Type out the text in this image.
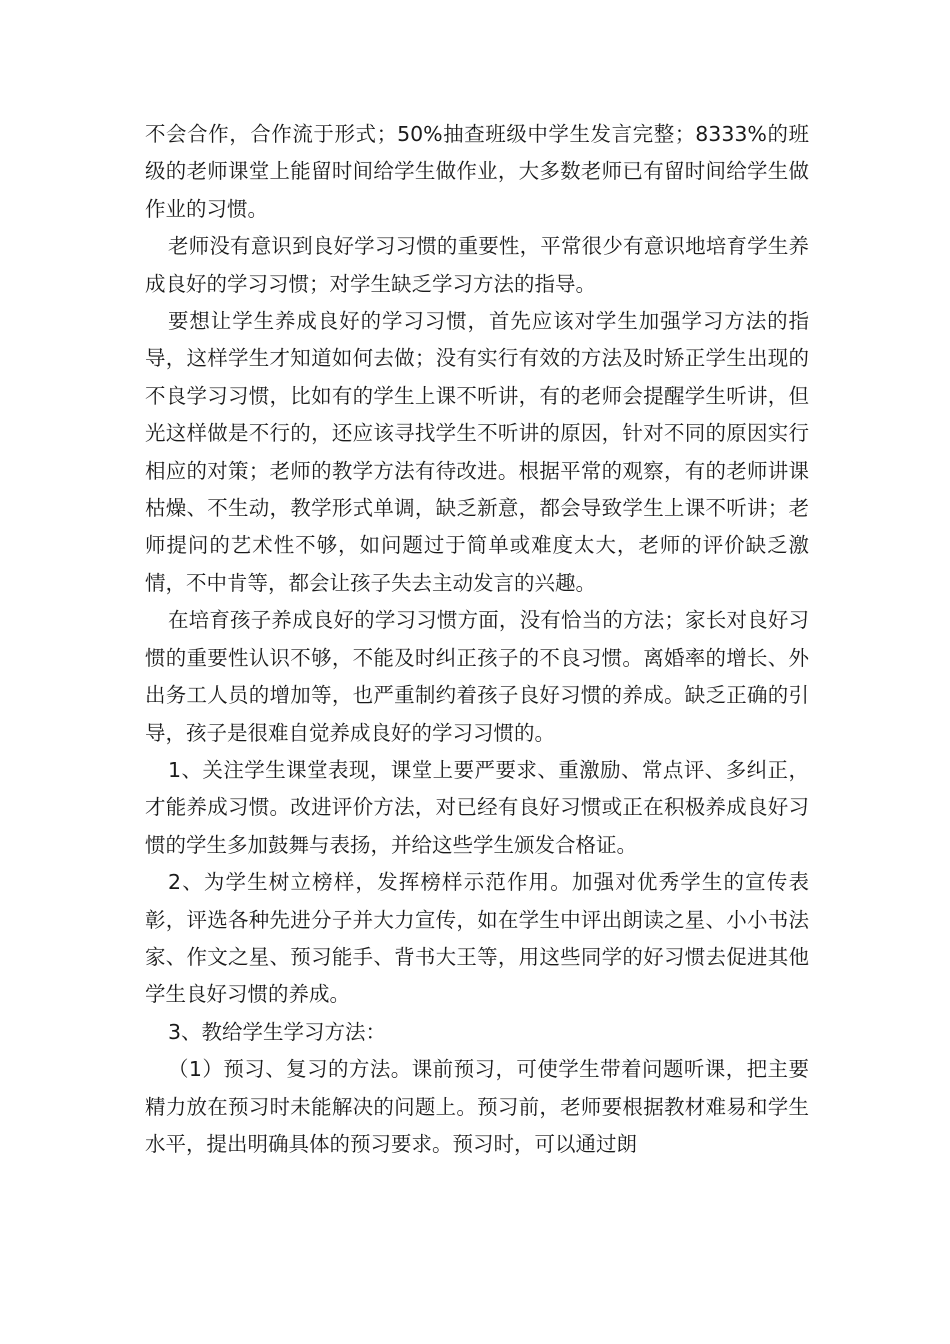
不会合作，合作流于形式；50%抽查班级中学生发言完整；8333%的班级的老师课堂上能留时间给学生做作业，大多数老师已有留时间给学生做作业的习惯。

老师没有意识到良好学习习惯的重要性，平常很少有意识地培育学生养成良好的学习习惯；对学生缺乏学习方法的指导。

要想让学生养成良好的学习习惯，首先应该对学生加强学习方法的指导，这样学生才知道如何去做；没有实行有效的方法及时矫正学生出现的不良学习习惯，比如有的学生上课不听讲，有的老师会提醒学生听讲，但光这样做是不行的，还应该寻找学生不听讲的原因，针对不同的原因实行相应的对策；老师的教学方法有待改进。根据平常的观察，有的老师讲课枯燥、不生动，教学形式单调，缺乏新意，都会导致学生上课不听讲；老师提问的艺术性不够，如问题过于简单或难度太大，老师的评价缺乏激情，不中肯等，都会让孩子失去主动发言的兴趣。

在培育孩子养成良好的学习习惯方面，没有恰当的方法；家长对良好习惯的重要性认识不够，不能及时纠正孩子的不良习惯。离婚率的增长、外出务工人员的增加等，也严重制约着孩子良好习惯的养成。缺乏正确的引导，孩子是很难自觉养成良好的学习习惯的。

1、关注学生课堂表现，课堂上要严要求、重激励、常点评、多纠正，才能养成习惯。改进评价方法，对已经有良好习惯或正在积极养成良好习惯的学生多加鼓舞与表扬，并给这些学生颁发合格证。

2、为学生树立榜样，发挥榜样示范作用。加强对优秀学生的宣传表彰，评选各种先进分子并大力宣传，如在学生中评出朗读之星、小小书法家、作文之星、预习能手、背书大王等，用这些同学的好习惯去促进其他学生良好习惯的养成。

3、教给学生学习方法：

（1）预习、复习的方法。课前预习，可使学生带着问题听课，把主要精力放在预习时未能解决的问题上。预习前，老师要根据教材难易和学生水平，提出明确具体的预习要求。预习时，可以通过朗
